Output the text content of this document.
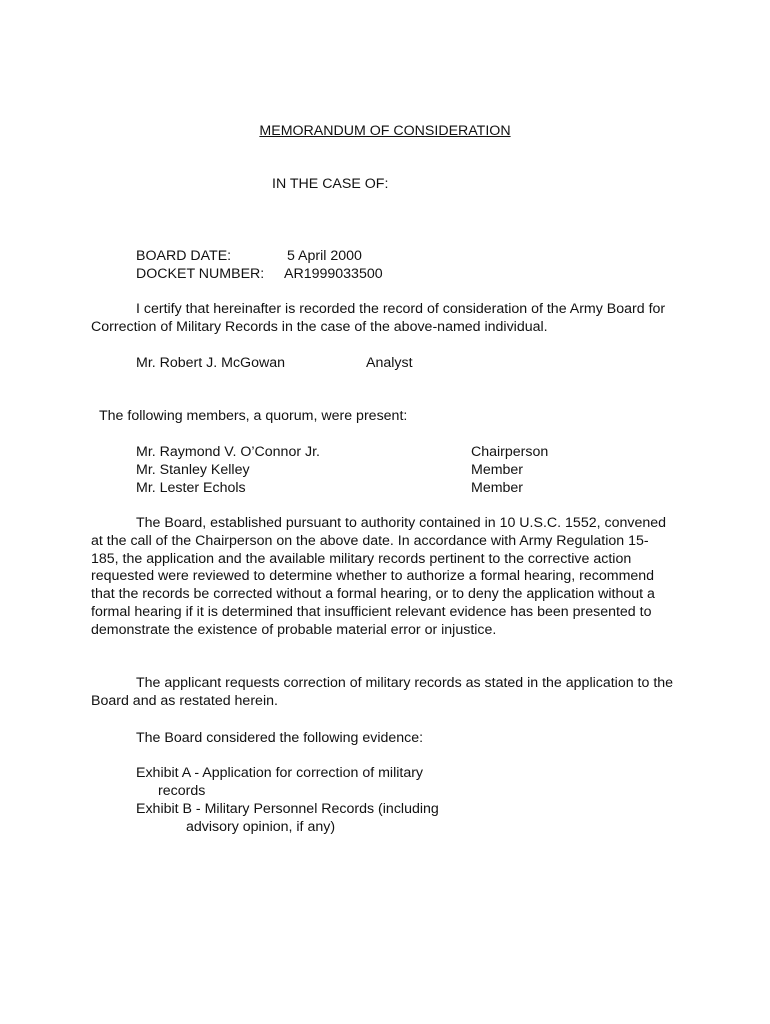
MEMORANDUM OF CONSIDERATION
IN THE CASE OF:
BOARD DATE:	5 April 2000
DOCKET NUMBER: AR1999033500
I certify that hereinafter is recorded the record of consideration of the Army Board for Correction of Military Records in the case of the above-named individual.
Mr. Robert J. McGowan	Analyst
The following members, a quorum, were present:
Mr. Raymond V. O’Connor Jr.	Chairperson
Mr. Stanley Kelley	Member
Mr. Lester Echols	Member
The Board, established pursuant to authority contained in 10 U.S.C. 1552, convened at the call of the Chairperson on the above date. In accordance with Army Regulation 15-185, the application and the available military records pertinent to the corrective action requested were reviewed to determine whether to authorize a formal hearing, recommend that the records be corrected without a formal hearing, or to deny the application without a formal hearing if it is determined that insufficient relevant evidence has been presented to demonstrate the existence of probable material error or injustice.
The applicant requests correction of military records as stated in the application to the Board and as restated herein.
The Board considered the following evidence:
Exhibit A - Application for correction of military
records
Exhibit B - Military Personnel Records (including
advisory opinion, if any)
